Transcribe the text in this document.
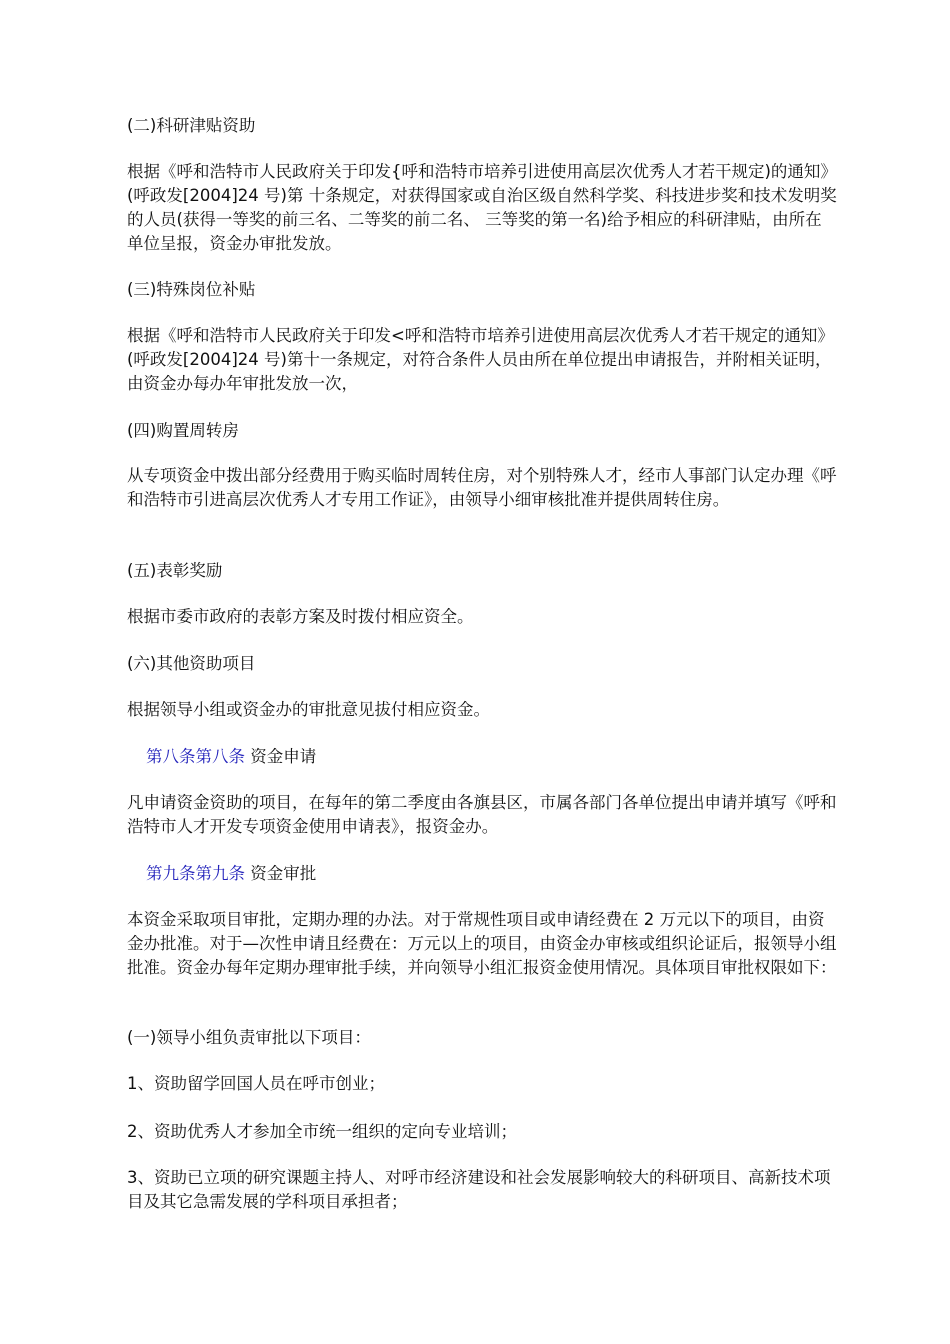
(二)科研津贴资助

根据《呼和浩特市人民政府关于印发{呼和浩特市培养引进使用高层次优秀人才若干规定)的通知》(呼政发[2004]24 号)第 十条规定，对获得国家或自治区级自然科学奖、科技进步奖和技术发明奖的人员(获得一等奖的前三名、二等奖的前二名、 三等奖的第一名)给予相应的科研津贴，由所在单位呈报，资金办审批发放。

(三)特殊岗位补贴

根据《呼和浩特市人民政府关于印发<呼和浩特市培养引进使用高层次优秀人才若干规定的通知》(呼政发[2004]24 号)第十一条规定，对符合条件人员由所在单位提出申请报告，并附相关证明，由资金办每办年审批发放一次，

(四)购置周转房

从专项资金中拨出部分经费用于购买临时周转住房，对个别特殊人才，经市人事部门认定办理《呼和浩特市引进高层次优秀人才专用工作证》，由领导小细审核批准并提供周转住房。

(五)表彰奖励

根据市委市政府的表彰方案及时拨付相应资全。

(六)其他资助项目

根据领导小组或资金办的审批意见拔付相应资金。

第八条第八条 资金申请

凡申请资金资助的项目，在每年的第二季度由各旗县区，市属各部门各单位提出申请并填写《呼和浩特市人才开发专项资金使用申请表》，报资金办。

第九条第九条 资金审批

本资金采取项目审批，定期办理的办法。对于常规性项目或申请经费在 2 万元以下的项目，由资金办批准。对于—次性申请且经费在：万元以上的项目，由资金办审核或组织论证后，报领导小组批准。资金办每年定期办理审批手续，并向领导小组汇报资金使用情况。具体项目审批权限如下：

(一)领导小组负责审批以下项目：

1、资助留学回国人员在呼市创业；

2、资助优秀人才参加全市统一组织的定向专业培训；

3、资助已立项的研究课题主持人、对呼市经济建设和社会发展影响较大的科研项目、高新技术项目及其它急需发展的学科项目承担者；
